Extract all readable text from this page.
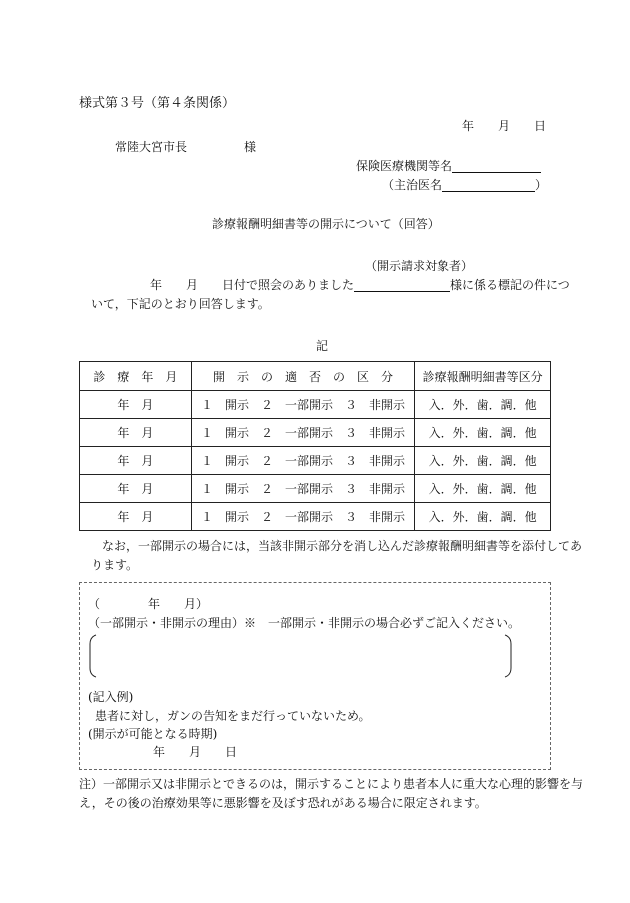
様式第３号（第４条関係）
年　　月　　日
常陸大宮市長	様
保険医療機関等名
（主治医名	）
診療報酬明細書等の開示について（回答）
（開示請求対象者）
年　　月　　日付で照会のありました	様に係る標記の件につ
いて，下記のとおり回答します。
記
診　療　年　月	開　示　の　適　否　の　区　分	診療報酬明細書等区分
年　月	１　開示　２　一部開示　３　非開示	入．外．歯．調．他
年　月	１　開示　２　一部開示　３　非開示	入．外．歯．調．他
年　月	１　開示　２　一部開示　３　非開示	入．外．歯．調．他
年　月	１　開示　２　一部開示　３　非開示	入．外．歯．調．他
年　月	１　開示　２　一部開示　３　非開示	入．外．歯．調．他
なお，一部開示の場合には，当該非開示部分を消し込んだ診療報酬明細書等を添付してあ
ります。
（　　　　年　　月）
（一部開示・非開示の理由）※　一部開示・非開示の場合必ずご記入ください。
(記入例)
患者に対し，ガンの告知をまだ行っていないため。
(開示が可能となる時期)
年　　月　　日
注）一部開示又は非開示とできるのは，開示することにより患者本人に重大な心理的影響を与
え，その後の治療効果等に悪影響を及ぼす恐れがある場合に限定されます。
